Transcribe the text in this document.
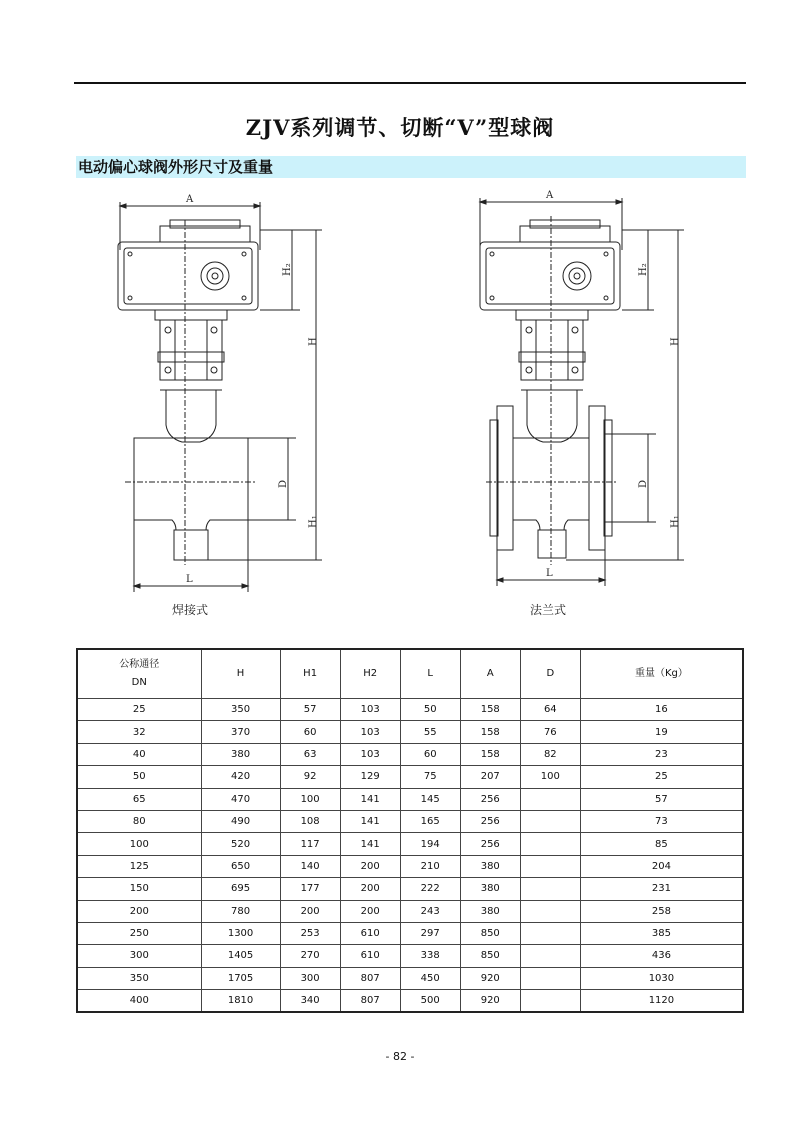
ZJV系列调节、切断“V”型球阀
电动偏心球阀外形尺寸及重量
A
H₂
H
D
H₁
L
焊接式
A
H₂
H
D
H₁
L
法兰式
公称通径
DN	H	H1	H2	L	A	D	重量（Kg）
25	350	57	103	50	158	64	16
32	370	60	103	55	158	76	19
40	380	63	103	60	158	82	23
50	420	92	129	75	207	100	25
65	470	100	141	145	256		57
80	490	108	141	165	256		73
100	520	117	141	194	256		85
125	650	140	200	210	380		204
150	695	177	200	222	380		231
200	780	200	200	243	380		258
250	1300	253	610	297	850		385
300	1405	270	610	338	850		436
350	1705	300	807	450	920		1030
400	1810	340	807	500	920		1120
- 82 -
